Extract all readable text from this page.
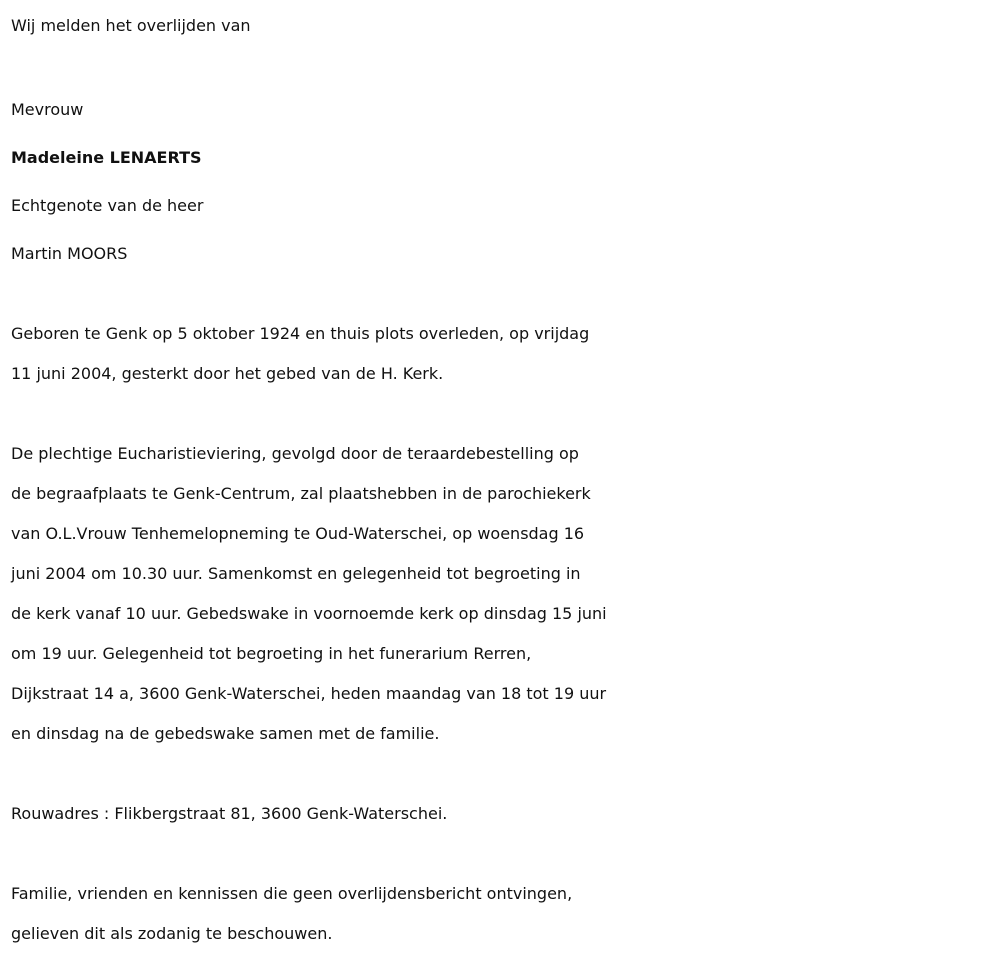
Wij melden het overlijden van
Mevrouw
Madeleine LENAERTS
Echtgenote van de heer
Martin MOORS
Geboren te Genk op 5 oktober 1924 en thuis plots overleden, op vrijdag
11 juni 2004, gesterkt door het gebed van de H. Kerk.
De plechtige Eucharistieviering, gevolgd door de teraardebestelling op
de begraafplaats te Genk-Centrum, zal plaatshebben in de parochiekerk
van O.L.Vrouw Tenhemelopneming te Oud-Waterschei, op woensdag 16
juni 2004 om 10.30 uur. Samenkomst en gelegenheid tot begroeting in
de kerk vanaf 10 uur. Gebedswake in voornoemde kerk op dinsdag 15 juni
om 19 uur. Gelegenheid tot begroeting in het funerarium Rerren,
Dijkstraat 14 a, 3600 Genk-Waterschei, heden maandag van 18 tot 19 uur
en dinsdag na de gebedswake samen met de familie.
Rouwadres : Flikbergstraat 81, 3600 Genk-Waterschei.
Familie, vrienden en kennissen die geen overlijdensbericht ontvingen,
gelieven dit als zodanig te beschouwen.
